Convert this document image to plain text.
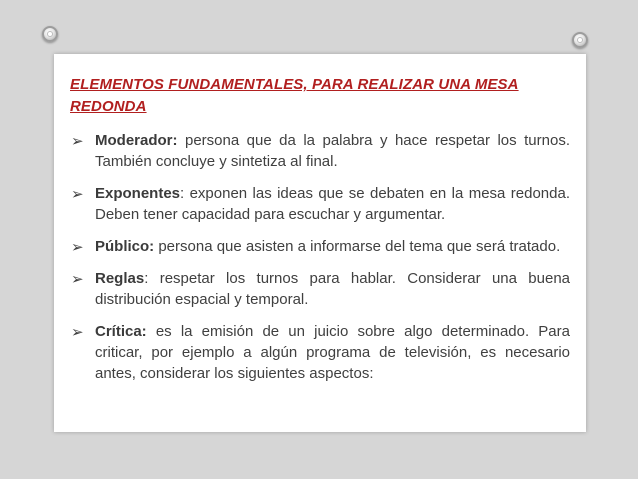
ELEMENTOS FUNDAMENTALES, PARA REALIZAR UNA MESA REDONDA
➢ Moderador: persona que da la palabra y hace respetar los turnos. También concluye y sintetiza al final.
➢ Exponentes: exponen las ideas que se debaten en la mesa redonda. Deben tener capacidad para escuchar y argumentar.
➢ Público: persona que asisten a informarse del tema que será tratado.
➢ Reglas: respetar los turnos para hablar. Considerar una buena distribución espacial y temporal.
➢ Crítica: es la emisión de un juicio sobre algo determinado. Para criticar, por ejemplo a algún programa de televisión, es necesario antes, considerar los siguientes aspectos:
